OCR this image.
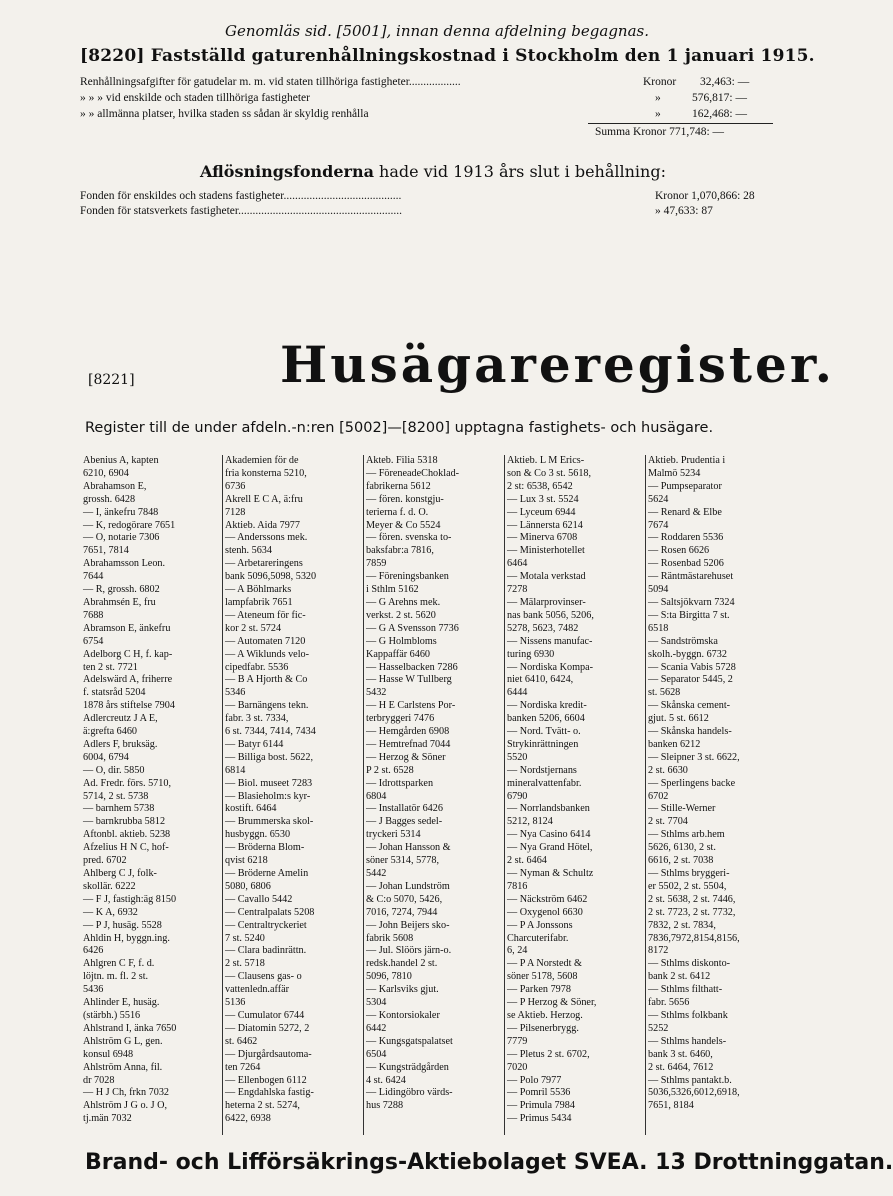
Genomläs sid. [5001], innan denna afdelning begagnas.
[8220] Fastställd gaturenhållningskostnad i Stockholm den 1 januari 1915.
Renhållningsafgifter för gatudelar m. m. vid staten tillhöriga fastigheter..................	Kronor 32,463: —
» » » vid enskilde och staden tillhöriga fastigheter	»	576,817: —
» » allmänna platser, hvilka staden ss sådan är skyldig renhålla	»	162,468: —
Summa Kronor 771,748: —
Aflösningsfonderna hade vid 1913 års slut i behållning:
Fonden för enskildes och stadens fastigheter.........................................	Kronor 1,070,866: 28
Fonden för statsverkets fastigheter.........................................................	» 47,633: 87
[8221]	Husägareregister.
Register till de under afdeln.-n:ren [5002]—[8200] upptagna fastighets- och husägare.
Abenius A, kapten
6210, 6904
Abrahamson E,
grossh. 6428
— I, änkefru 7848
— K, redogörare 7651
— O, notarie 7306
7651, 7814
Abrahamsson Leon.
7644
— R, grossh. 6802
Abrahmsén E, fru
7688
Abramson E, änkefru
6754
Adelborg C H, f. kap-
ten 2 st. 7721
Adelswärd A, friherre
f. statsråd 5204
1878 års stiftelse 7904
Adlercreutz J A E,
ä:grefta 6460
Adlers F, bruksäg.
6004, 6794
— O, dir. 5850
Ad. Fredr. förs. 5710,
5714, 2 st. 5738
— barnhem 5738
— barnkrubba 5812
Aftonbl. aktieb. 5238
Afzelius H N C, hof-
pred. 6702
Ahlberg C J, folk-
skollär. 6222
— F J, fastigh:äg 8150
— K A, 6932
— P J, husäg. 5528
Ahldin H, byggn.ing.
6426
Ahlgren C F, f. d.
löjtn. m. fl. 2 st.
5436
Ahlinder E, husäg.
(stärbh.) 5516
Ahlstrand I, änka 7650
Ahlström G L, gen.
konsul 6948
Ahlström Anna, fil.
dr 7028
— H J Ch, frkn 7032
Ahlström J G o. J O,
tj.män 7032
Akademien för de
fria konsterna 5210,
6736
Akrell E C A, ä:fru
7128
Aktieb. Aida 7977
— Anderssons mek.
stenh. 5634
— Arbetareringens
bank 5096,5098, 5320
— A Böhlmarks
lampfabrik 7651
— Ateneum för fic-
kor 2 st. 5724
— Automaten 7120
— A Wiklunds velo-
cipedfabr. 5536
— B A Hjorth & Co
5346
— Barnängens tekn.
fabr. 3 st. 7334,
6 st. 7344, 7414, 7434
— Batyr 6144
— Billiga bost. 5622,
6814
— Biol. museet 7283
— Blasieholm:s kyr-
kostift. 6464
— Brummerska skol-
husbyggn. 6530
— Bröderna Blom-
qvist 6218
— Bröderne Amelin
5080, 6806
— Cavallo 5442
— Centralpalats 5208
— Centraltryckeriet
7 st. 5240
— Clara badinrättn.
2 st. 5718
— Clausens gas- o
vattenledn.affär
5136
— Cumulator 6744
— Diatomin 5272, 2
st. 6462
— Djurgårdsautoma-
ten 7264
— Ellenbogen 6112
— Engdahlska fastig-
heterna 2 st. 5274,
6422, 6938
Akteb. Filia 5318
— FöreneadeChoklad-
fabrikerna 5612
— fören. konstgju-
terierna f. d. O.
Meyer & Co 5524
— fören. svenska to-
baksfabr:a 7816,
7859
— Föreningsbanken
i Sthlm 5162
— G Arehns mek.
verkst. 2 st. 5620
— G A Svensson 7736
— G Holmbloms
Kappaffär 6460
— Hasselbacken 7286
— Hasse W Tullberg
5432
— H E Carlstens Por-
terbryggeri 7476
— Hemgården 6908
— Hemtrefnad 7044
— Herzog & Söner
P 2 st. 6528
— Idrottsparken
6804
— Installatör 6426
— J Bagges sedel-
tryckeri 5314
— Johan Hansson &
söner 5314, 5778,
5442
— Johan Lundström
& C:o 5070, 5426,
7016, 7274, 7944
— John Beijers sko-
fabrik 5608
— Jul. Slöörs järn-o.
redsk.handel 2 st.
5096, 7810
— Karlsviks gjut.
5304
— Kontorsiokaler
6442
— Kungsgatspalatset
6504
— Kungsträdgården
4 st. 6424
— Lidingöbro värds-
hus 7288
Aktieb. L M Erics-
son & Co 3 st. 5618,
2 st: 6538, 6542
— Lux 3 st. 5524
— Lyceum 6944
— Lännersta 6214
— Minerva 6708
— Ministerhotellet
6464
— Motala verkstad
7278
— Mälarprovinser-
nas bank 5056, 5206,
5278, 5623, 7482
— Nissens manufac-
turing 6930
— Nordiska Kompa-
niet 6410, 6424,
6444
— Nordiska kredit-
banken 5206, 6604
— Nord. Tvätt- o.
Strykinrättningen
5520
— Nordstjernans
mineralvattenfabr.
6790
— Norrlandsbanken
5212, 8124
— Nya Casino 6414
— Nya Grand Hötel,
2 st. 6464
— Nyman & Schultz
7816
— Näckström 6462
— Oxygenol 6630
— P A Jonssons
Charcuterifabr.
6, 24
— P A Norstedt &
söner 5178, 5608
— Parken 7978
— P Herzog & Söner,
se Aktieb. Herzog.
— Pilsenerbrygg.
7779
— Pletus 2 st. 6702,
7020
— Polo 7977
— Pomril 5536
— Primula 7984
— Primus 5434
Aktieb. Prudentia i
Malmö 5234
— Pumpseparator
5624
— Renard & Elbe
7674
— Roddaren 5536
— Rosen 6626
— Rosenbad 5206
— Räntmästarehuset
5094
— Saltsjökvarn 7324
— S:ta Birgitta 7 st.
6518
— Sandströmska
skolh.-byggn. 6732
— Scania Vabis 5728
— Separator 5445, 2
st. 5628
— Skånska cement-
gjut. 5 st. 6612
— Skånska handels-
banken 6212
— Sleipner 3 st. 6622,
2 st. 6630
— Sperlingens backe
6702
— Stille-Werner
2 st. 7704
— Sthlms arb.hem
5626, 6130, 2 st.
6616, 2 st. 7038
— Sthlms bryggeri-
er 5502, 2 st. 5504,
2 st. 5638, 2 st. 7446,
2 st. 7723, 2 st. 7732,
7832, 2 st. 7834,
7836,7972,8154,8156,
8172
— Sthlms diskonto-
bank 2 st. 6412
— Sthlms filthatt-
fabr. 5656
— Sthlms folkbank
5252
— Sthlms handels-
bank 3 st. 6460,
2 st. 6464, 7612
— Sthlms pantakt.b.
5036,5326,6012,6918,
7651, 8184
Brand- och Lifförsäkrings-Aktiebolaget SVEA. 13 Drottninggatan.
